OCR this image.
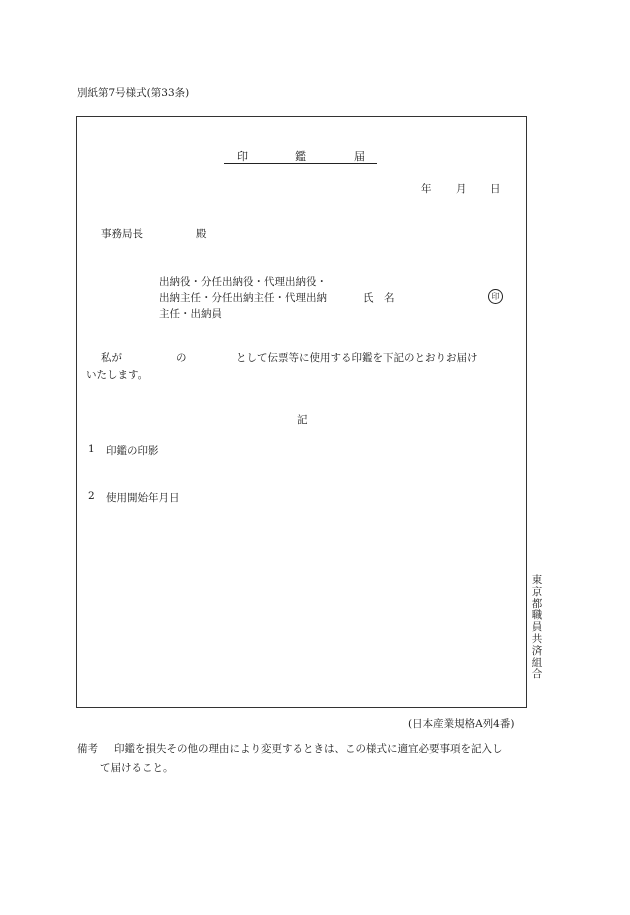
別紙第7号様式(第33条)
印	鑑	届

年 月 日
事務局長	殿
出納役・分任出納役・代理出納役・
出納主任・分任出納主任・代理出納
主任・出納員
氏　名	印
私が	の	として伝票等に使用する印鑑を下記のとおりお届け
いたします。
記
1 印鑑の印影
2 使用開始年月日
東京都職員共済組合
(日本産業規格A列4番)
備考 印鑑を損失その他の理由により変更するときは、この様式に適宜必要事項を記入し
て届けること。
